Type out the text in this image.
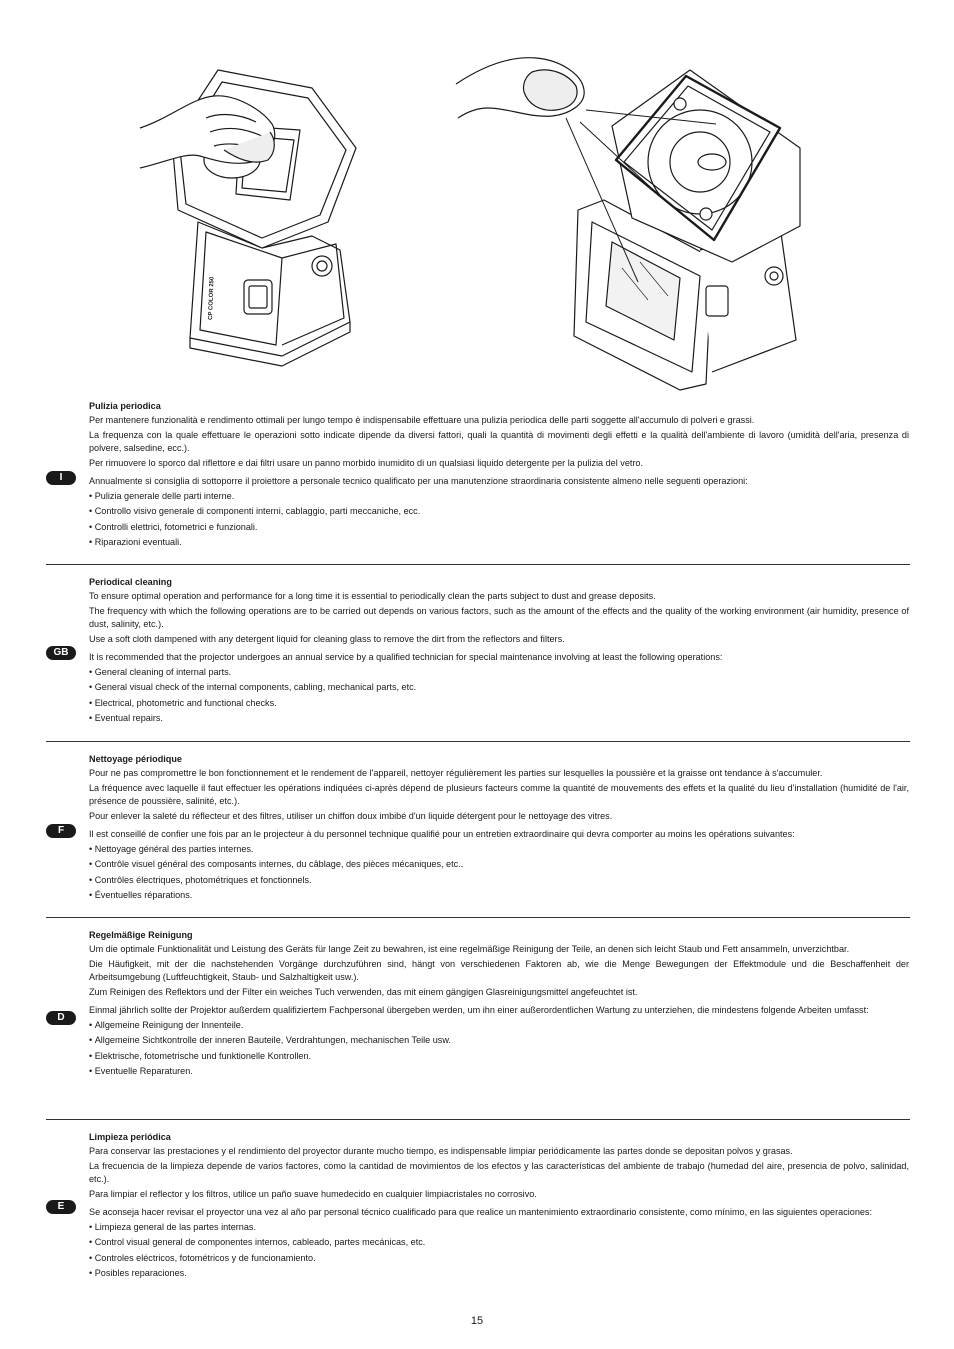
CP COLOR 250
I
Pulizia periodica

Per mantenere funzionalità e rendimento ottimali per lungo tempo è indispensabile effettuare una pulizia periodica delle parti soggette all'accumulo di polveri e grassi.

La frequenza con la quale effettuare le operazioni sotto indicate dipende da diversi fattori, quali la quantità di movimenti degli effetti e la qualità dell'ambiente di lavoro (umidità dell'aria, presenza di polvere, salsedine, ecc.).

Per rimuovere lo sporco dal riflettore e dai filtri usare un panno morbido inumidito di un qualsiasi liquido detergente per la pulizia del vetro.

Annualmente si consiglia di sottoporre il proiettore a personale tecnico qualificato per una manutenzione straordinaria consistente almeno nelle seguenti operazioni:

• Pulizia generale delle parti interne.
• Controllo visivo generale di componenti interni, cablaggio, parti meccaniche, ecc.
• Controlli elettrici, fotometrici e funzionali.
• Riparazioni eventuali.
GB
Periodical cleaning

To ensure optimal operation and performance for a long time it is essential to periodically clean the parts subject to dust and grease deposits.

The frequency with which the following operations are to be carried out depends on various factors, such as the amount of the effects and the quality of the working environment (air humidity, presence of dust, salinity, etc.).

Use a soft cloth dampened with any detergent liquid for cleaning glass to remove the dirt from the reflectors and filters.

It is recommended that the projector undergoes an annual service by a qualified technician for special maintenance involving at least the following operations:

• General cleaning of internal parts.
• General visual check of the internal components, cabling, mechanical parts, etc.
• Electrical, photometric and functional checks.
• Eventual repairs.
F
Nettoyage périodique

Pour ne pas compromettre le bon fonctionnement et le rendement de l'appareil, nettoyer régulièrement les parties sur lesquelles la poussière et la graisse ont tendance à s'accumuler.

La fréquence avec laquelle il faut effectuer les opérations indiquées ci-après dépend de plusieurs facteurs comme la quantité de mouvements des effets et la qualité du lieu d'installation (humidité de l'air, présence de poussière, salinité, etc.).

Pour enlever la saleté du réflecteur et des filtres, utiliser un chiffon doux imbibé d'un liquide détergent pour le nettoyage des vitres.

Il est conseillé de confier une fois par an le projecteur à du personnel technique qualifié pour un entretien extraordinaire qui devra comporter au moins les opérations suivantes:

• Nettoyage général des parties internes.
• Contrôle visuel général des composants internes, du câblage, des pièces mécaniques, etc..
• Contrôles électriques, photométriques et fonctionnels.
• Éventuelles réparations.
D
Regelmäßige Reinigung

Um die optimale Funktionalität und Leistung des Geräts für lange Zeit zu bewahren, ist eine regelmäßige Reinigung der Teile, an denen sich leicht Staub und Fett ansammeln, unverzichtbar.

Die Häufigkeit, mit der die nachstehenden Vorgänge durchzuführen sind, hängt von verschiedenen Faktoren ab, wie die Menge Bewegungen der Effektmodule und die Beschaffenheit der Arbeitsumgebung (Luftfeuchtigkeit, Staub- und Salzhaltigkeit usw.).

Zum Reinigen des Reflektors und der Filter ein weiches Tuch verwenden, das mit einem gängigen Glasreinigungsmittel angefeuchtet ist.

Einmal jährlich sollte der Projektor außerdem qualifiziertem Fachpersonal übergeben werden, um ihn einer außerordentlichen Wartung zu unterziehen, die mindestens folgende Arbeiten umfasst:

• Allgemeine Reinigung der Innenteile.
• Allgemeine Sichtkontrolle der inneren Bauteile, Verdrahtungen, mechanischen Teile usw.
• Elektrische, fotometrische und funktionelle Kontrollen.
• Eventuelle Reparaturen.
E
Limpieza periódica

Para conservar las prestaciones y el rendimiento del proyector durante mucho tiempo, es indispensable limpiar periódicamente las partes donde se depositan polvos y grasas.

La frecuencia de la limpieza depende de varios factores, como la cantidad de movimientos de los efectos y las características del ambiente de trabajo (humedad del aire, presencia de polvo, salinidad, etc.).

Para limpiar el reflector y los filtros, utilice un paño suave humedecido en cualquier limpiacristales no corrosivo.

Se aconseja hacer revisar el proyector una vez al año par personal técnico cualificado para que realice un mantenimiento extraordinario consistente, como mínimo, en las siguientes operaciones:

• Limpieza general de las partes internas.
• Control visual general de componentes internos, cableado, partes mecánicas, etc.
• Controles eléctricos, fotométricos y de funcionamiento.
• Posibles reparaciones.
15
